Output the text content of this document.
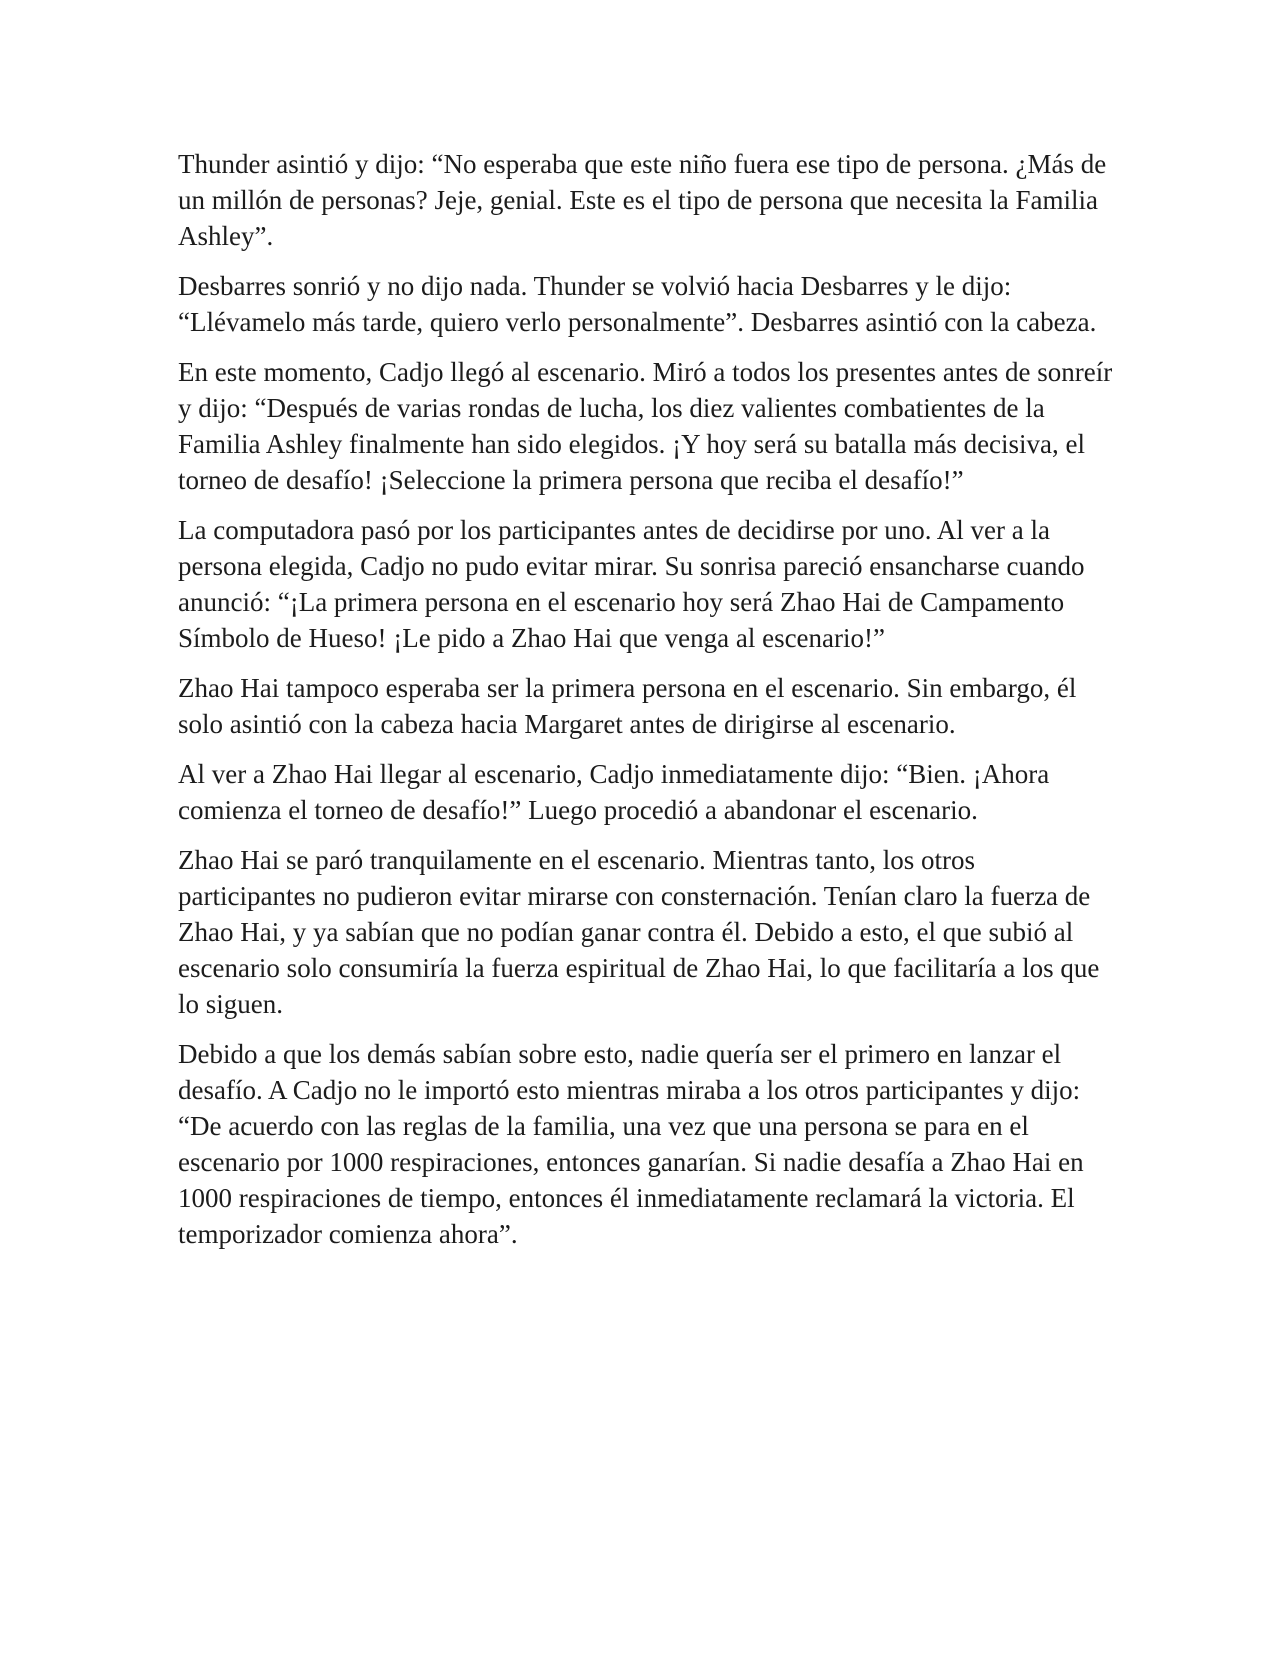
Thunder asintió y dijo: “No esperaba que este niño fuera ese tipo de persona. ¿Más de un millón de personas? Jeje, genial. Este es el tipo de persona que necesita la Familia Ashley”.

Desbarres sonrió y no dijo nada. Thunder se volvió hacia Desbarres y le dijo: “Llévamelo más tarde, quiero verlo personalmente”. Desbarres asintió con la cabeza.

En este momento, Cadjo llegó al escenario. Miró a todos los presentes antes de sonreír y dijo: “Después de varias rondas de lucha, los diez valientes combatientes de la Familia Ashley finalmente han sido elegidos. ¡Y hoy será su batalla más decisiva, el torneo de desafío! ¡Seleccione la primera persona que reciba el desafío!”

La computadora pasó por los participantes antes de decidirse por uno. Al ver a la persona elegida, Cadjo no pudo evitar mirar. Su sonrisa pareció ensancharse cuando anunció: “¡La primera persona en el escenario hoy será Zhao Hai de Campamento Símbolo de Hueso! ¡Le pido a Zhao Hai que venga al escenario!”

Zhao Hai tampoco esperaba ser la primera persona en el escenario. Sin embargo, él solo asintió con la cabeza hacia Margaret antes de dirigirse al escenario.

Al ver a Zhao Hai llegar al escenario, Cadjo inmediatamente dijo: “Bien. ¡Ahora comienza el torneo de desafío!” Luego procedió a abandonar el escenario.

Zhao Hai se paró tranquilamente en el escenario. Mientras tanto, los otros participantes no pudieron evitar mirarse con consternación. Tenían claro la fuerza de Zhao Hai, y ya sabían que no podían ganar contra él. Debido a esto, el que subió al escenario solo consumiría la fuerza espiritual de Zhao Hai, lo que facilitaría a los que lo siguen.

Debido a que los demás sabían sobre esto, nadie quería ser el primero en lanzar el desafío. A Cadjo no le importó esto mientras miraba a los otros participantes y dijo: “De acuerdo con las reglas de la familia, una vez que una persona se para en el escenario por 1000 respiraciones, entonces ganarían. Si nadie desafía a Zhao Hai en 1000 respiraciones de tiempo, entonces él inmediatamente reclamará la victoria. El temporizador comienza ahora”.
